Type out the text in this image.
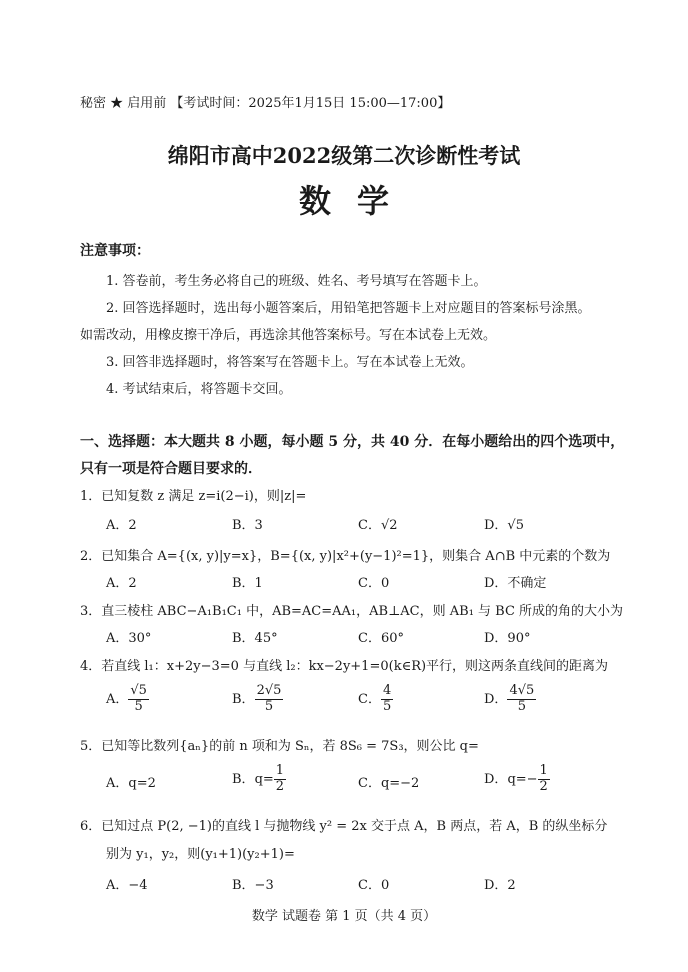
秘密 ★ 启用前 【考试时间：2025年1月15日 15:00—17:00】
绵阳市高中2022级第二次诊断性考试
数学
注意事项：
1. 答卷前，考生务必将自己的班级、姓名、考号填写在答题卡上。
2. 回答选择题时，选出每小题答案后，用铅笔把答题卡上对应题目的答案标号涂黑。
如需改动，用橡皮擦干净后，再选涂其他答案标号。写在本试卷上无效。
3. 回答非选择题时，将答案写在答题卡上。写在本试卷上无效。
4. 考试结束后，将答题卡交回。
一、选择题：本大题共 8 小题，每小题 5 分，共 40 分．在每小题给出的四个选项中，
只有一项是符合题目要求的．
1．已知复数 z 满足 z=i(2−i)，则|z|=
A．2	B．3	C．√2	D．√5
2．已知集合 A={(x, y)|y=x}，B={(x, y)|x²+(y−1)²=1}，则集合 A∩B 中元素的个数为
A．2	B．1	C．0	D．不确定
3．直三棱柱 ABC−A₁B₁C₁ 中，AB=AC=AA₁，AB⊥AC，则 AB₁ 与 BC 所成的角的大小为
A．30°	B．45°	C．60°	D．90°
4．若直线 l₁：x+2y−3=0 与直线 l₂：kx−2y+1=0(k∈R)平行，则这两条直线间的距离为
A． $\frac{√5}{5}$	B． $\frac{2√5}{5}$	C． $\frac{4}{5}$	D． $\frac{4√5}{5}$
5．已知等比数列{aₙ}的前 n 项和为 Sₙ，若 8S₆ = 7S₃，则公比 q=
A．q=2	B．$q= \frac{1}{2}$	C．q=−2	D．$q=- \frac{1}{2}$
6．已知过点 P(2, −1)的直线 l 与抛物线 y² = 2x 交于点 A，B 两点，若 A，B 的纵坐标分
别为 y₁，y₂，则(y₁+1)(y₂+1)=
A．−4	B．−3	C．0	D．2
数学 试题卷 第 1 页（共 4 页）
